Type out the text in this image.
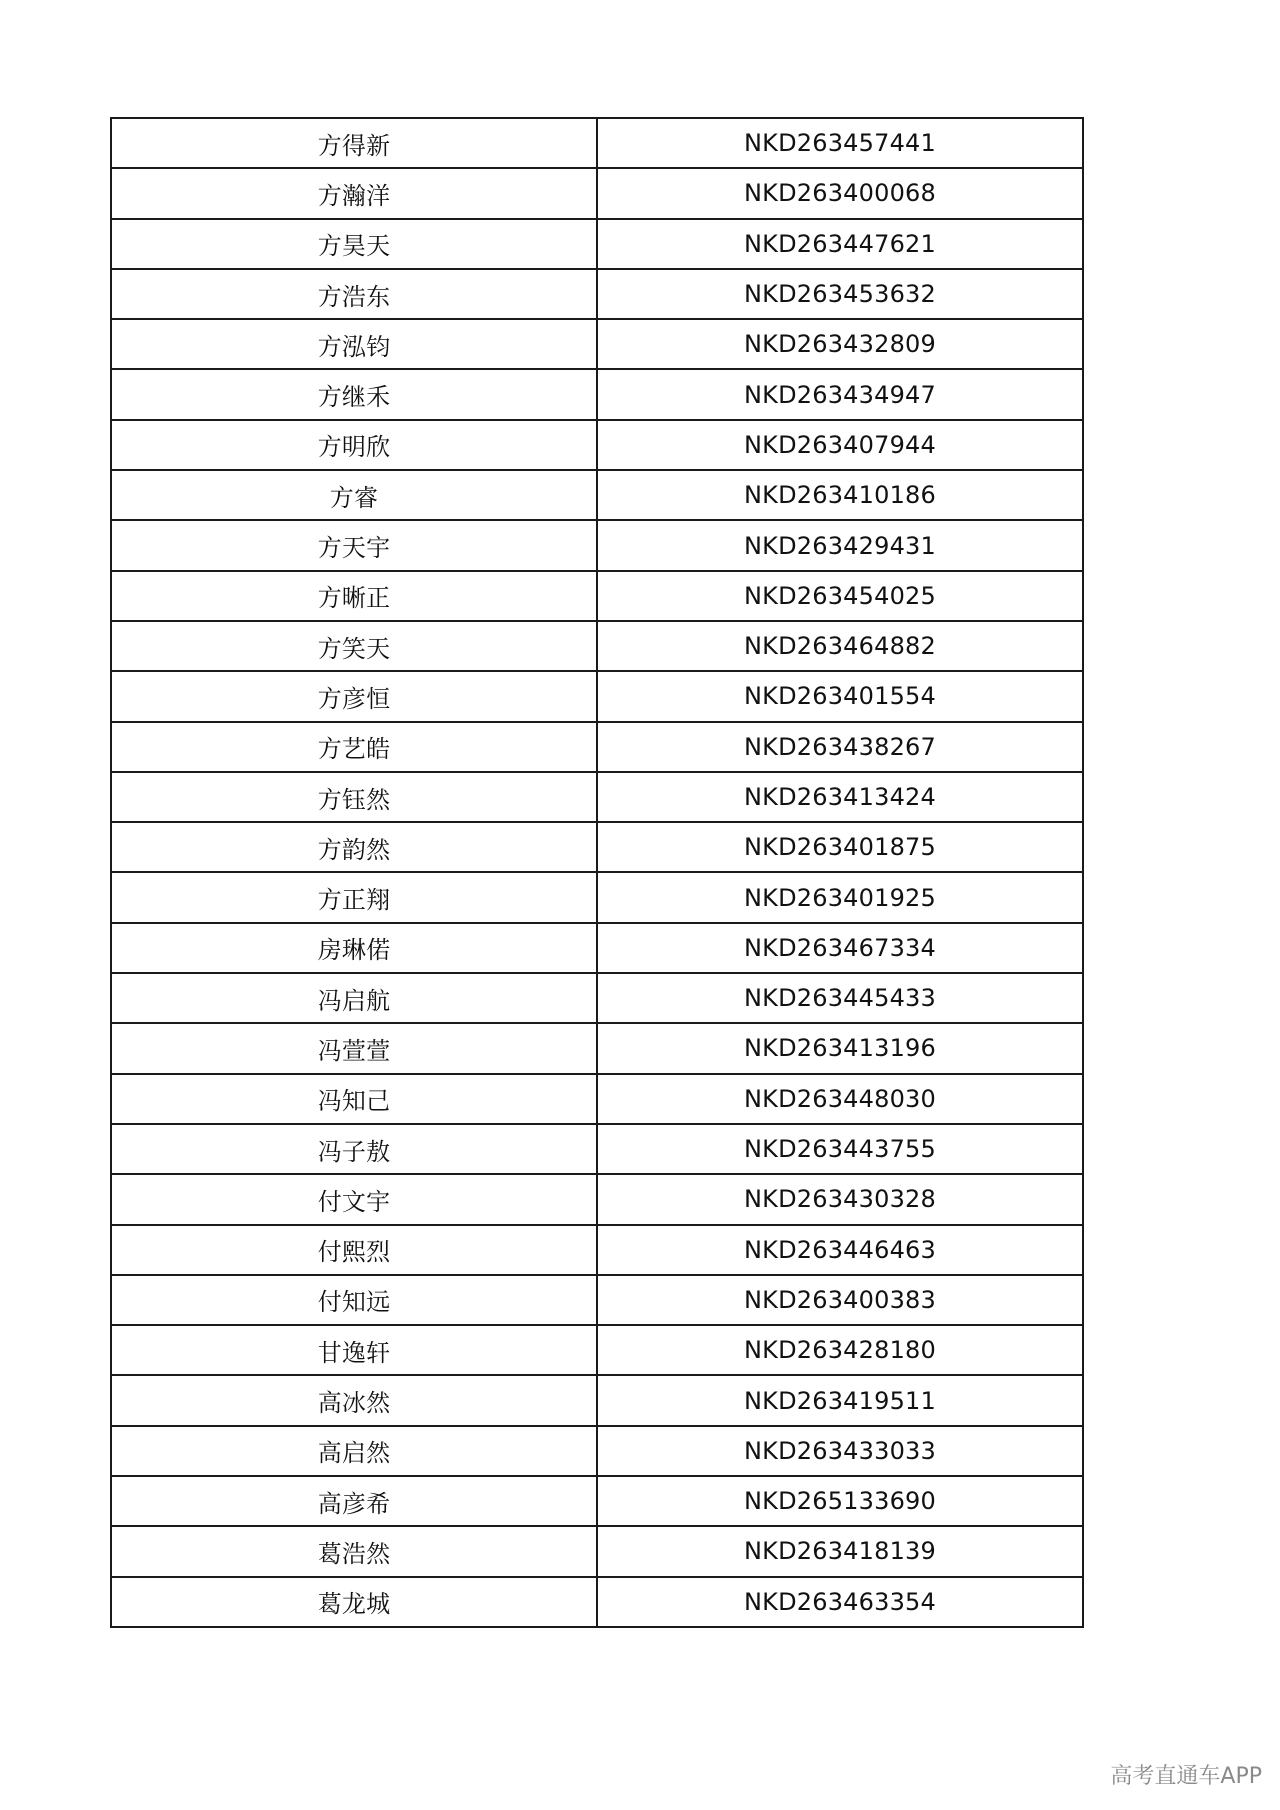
方得新	NKD263457441
方瀚洋	NKD263400068
方昊天	NKD263447621
方浩东	NKD263453632
方泓钧	NKD263432809
方继禾	NKD263434947
方明欣	NKD263407944
方睿	NKD263410186
方天宇	NKD263429431
方晰正	NKD263454025
方笑天	NKD263464882
方彦恒	NKD263401554
方艺皓	NKD263438267
方钰然	NKD263413424
方韵然	NKD263401875
方正翔	NKD263401925
房琳偌	NKD263467334
冯启航	NKD263445433
冯萱萱	NKD263413196
冯知己	NKD263448030
冯子敖	NKD263443755
付文宇	NKD263430328
付熙烈	NKD263446463
付知远	NKD263400383
甘逸轩	NKD263428180
高冰然	NKD263419511
高启然	NKD263433033
高彦希	NKD265133690
葛浩然	NKD263418139
葛龙城	NKD263463354
高考直通车APP
